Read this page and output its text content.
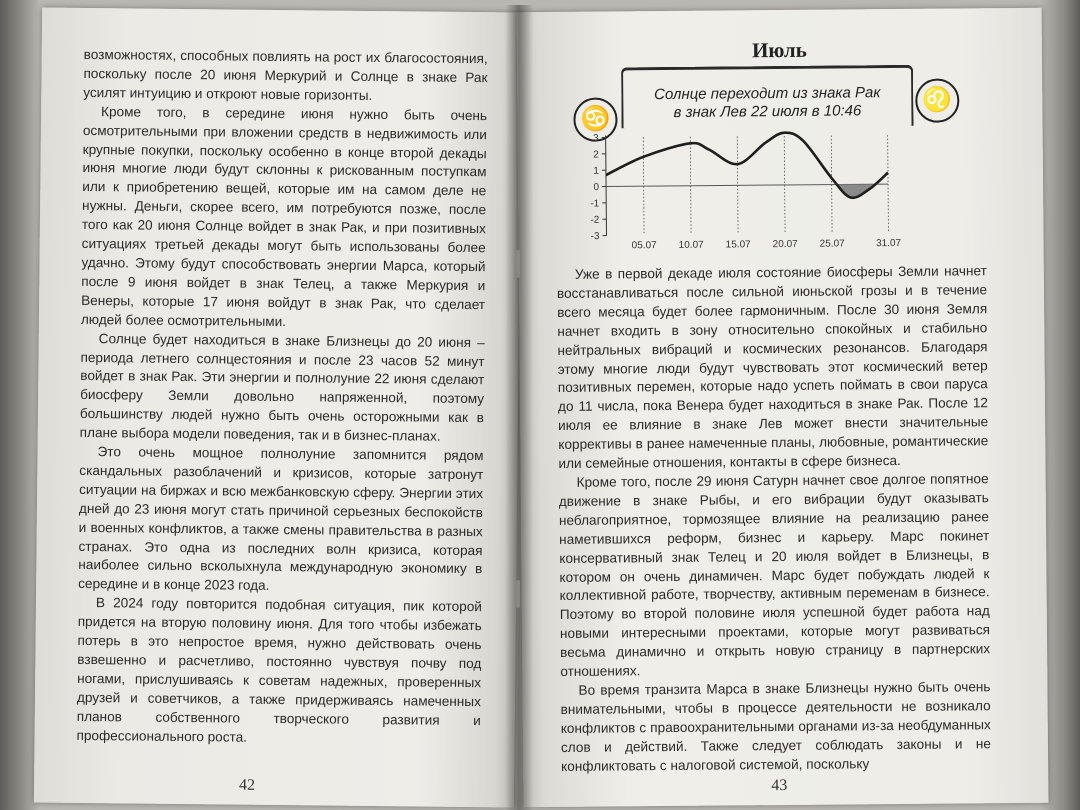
возможностях, способных повлиять на рост их благосостояния, поскольку после 20 июня Меркурий и Солнце в знаке Рак усилят интуицию и откроют новые горизонты.

Кроме того, в середине июня нужно быть очень осмотрительными при вложении средств в недвижимость или крупные покупки, поскольку особенно в конце второй декады июня многие люди будут склонны к рискованным поступкам или к приобретению вещей, которые им на самом деле не нужны. Деньги, скорее всего, им потребуются позже, после того как 20 июня Солнце войдет в знак Рак, и при позитивных ситуациях третьей декады могут быть использованы более удачно. Этому будут способствовать энергии Марса, который после 9 июня войдет в знак Телец, а также Меркурия и Венеры, которые 17 июня войдут в знак Рак, что сделает людей более осмотрительными.

Солнце будет находиться в знаке Близнецы до 20 июня – периода летнего солнцестояния и после 23 часов 52 минут войдет в знак Рак. Эти энергии и полнолуние 22 июня сделают биосферу Земли довольно напряженной, поэтому большинству людей нужно быть очень осторожными как в плане выбора модели поведения, так и в бизнес-планах.

Это очень мощное полнолуние запомнится рядом скандальных разоблачений и кризисов, которые затронут ситуации на биржах и всю межбанковскую сферу. Энергии этих дней до 23 июня могут стать причиной серьезных беспокойств и военных конфликтов, а также смены правительства в разных странах. Это одна из последних волн кризиса, которая наиболее сильно всколыхнула международную экономику в середине и в конце 2023 года.

В 2024 году повторится подобная ситуация, пик которой придется на вторую половину июня. Для того чтобы избежать потерь в это непростое время, нужно действовать очень взвешенно и расчетливо, постоянно чувствуя почву под ногами, прислушиваясь к советам надежных, проверенных друзей и советчиков, а также придерживаясь намеченных планов собственного творческого развития и профессионального роста.

42
Июль
Солнце переходит из знака Рак
в знак Лев 22 июля в 10:46
♋
♌
3
2
1
0
-1
-2
-3
05.07 10.07 15.07 20.07 25.07	31.07

Уже в первой декаде июля состояние биосферы Земли начнет восстанавливаться после сильной июньской грозы и в течение всего месяца будет более гармоничным. После 30 июня Земля начнет входить в зону относительно спокойных и стабильно нейтральных вибраций и космических резонансов. Благодаря этому многие люди будут чувствовать этот космический ветер позитивных перемен, которые надо успеть поймать в свои паруса до 11 числа, пока Венера будет находиться в знаке Рак. После 12 июля ее влияние в знаке Лев может внести значительные коррективы в ранее намеченные планы, любовные, романтические или семейные отношения, контакты в сфере бизнеса.

Кроме того, после 29 июня Сатурн начнет свое долгое попятное движение в знаке Рыбы, и его вибрации будут оказывать неблагоприятное, тормозящее влияние на реализацию ранее наметившихся реформ, бизнес и карьеру. Марс покинет консервативный знак Телец и 20 июля войдет в Близнецы, в котором он очень динамичен. Марс будет побуждать людей к коллективной работе, творчеству, активным переменам в бизнесе. Поэтому во второй половине июля успешной будет работа над новыми интересными проектами, которые могут развиваться весьма динамично и открыть новую страницу в партнерских отношениях.

Во время транзита Марса в знаке Близнецы нужно быть очень внимательными, чтобы в процессе деятельности не возникало конфликтов с правоохранительными органами из-за необдуманных слов и действий. Также следует соблюдать законы и не конфликтовать с налоговой системой, поскольку

43
